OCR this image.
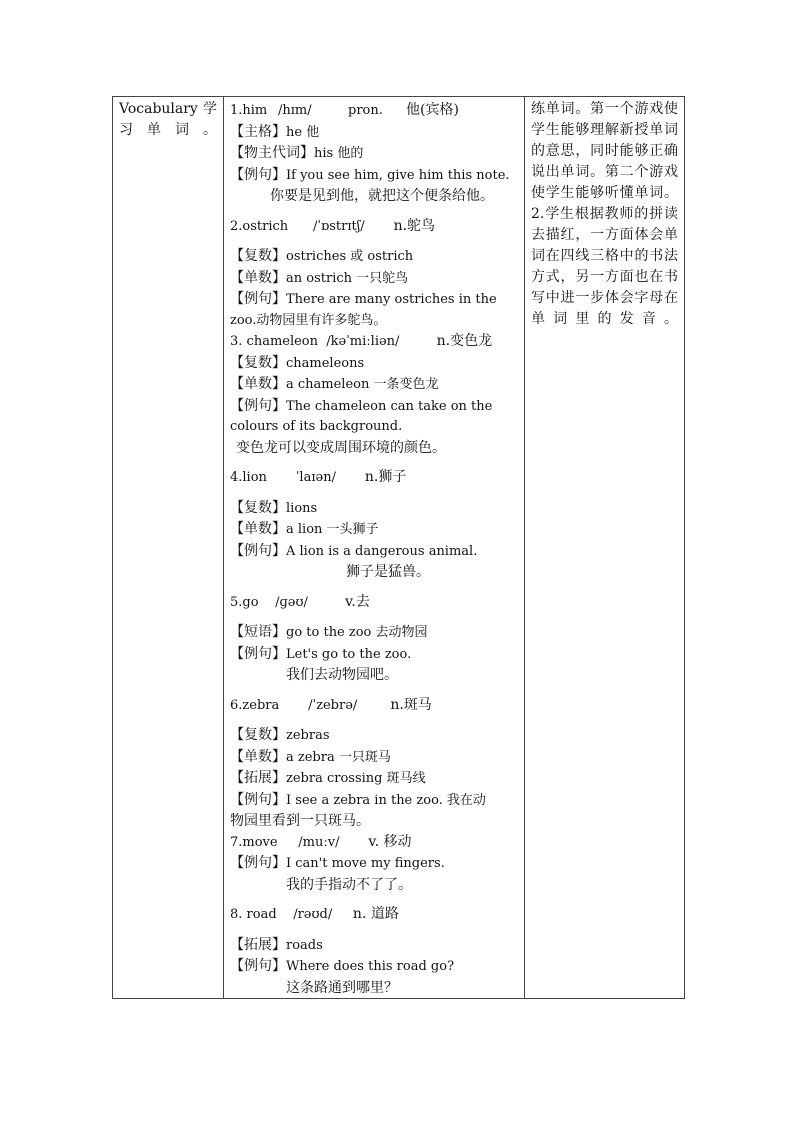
Vocabulary 学习单词。

1.him /hɪm/	pron. 他(宾格)
【主格】he 他
【物主代词】his 他的
【例句】If you see him, give him this note.
你要是见到他，就把这个便条给他。
2.ostrich /ˈɒstrɪtʃ/ n.鸵鸟
【复数】ostriches 或 ostrich
【单数】an ostrich 一只鸵鸟
【例句】There are many ostriches in the
zoo.动物园里有许多鸵鸟。
3. chameleon /kəˈmiːliən/	n.变色龙
【复数】chameleons
【单数】a chameleon 一条变色龙
【例句】The chameleon can take on the
colours of its background.
变色龙可以变成周围环境的颜色。
4.lion ˈlaɪən/ n.狮子
【复数】lions
【单数】a lion 一头狮子
【例句】A lion is a dangerous animal.
狮子是猛兽。
5.go /ɡəʊ/	v.去
【短语】go to the zoo 去动物园
【例句】Let's go to the zoo.
我们去动物园吧。
6.zebra /ˈzebrə/ n.斑马
【复数】zebras
【单数】a zebra 一只斑马
【拓展】zebra crossing 斑马线
【例句】I see a zebra in the zoo. 我在动
物园里看到一只斑马。
7.move /muːv/ v. 移动
【例句】I can't move my fingers.
我的手指动不了了。
8. road /rəʊd/ n. 道路
【拓展】roads
【例句】Where does this road go?
这条路通到哪里？

练单词。第一个游戏使学生能够理解新授单词的意思，同时能够正确说出单词。第二个游戏使学生能够听懂单词。2.学生根据教师的拼读去描红，一方面体会单词在四线三格中的书法方式，另一方面也在书写中进一步体会字母在单词里的发音。
